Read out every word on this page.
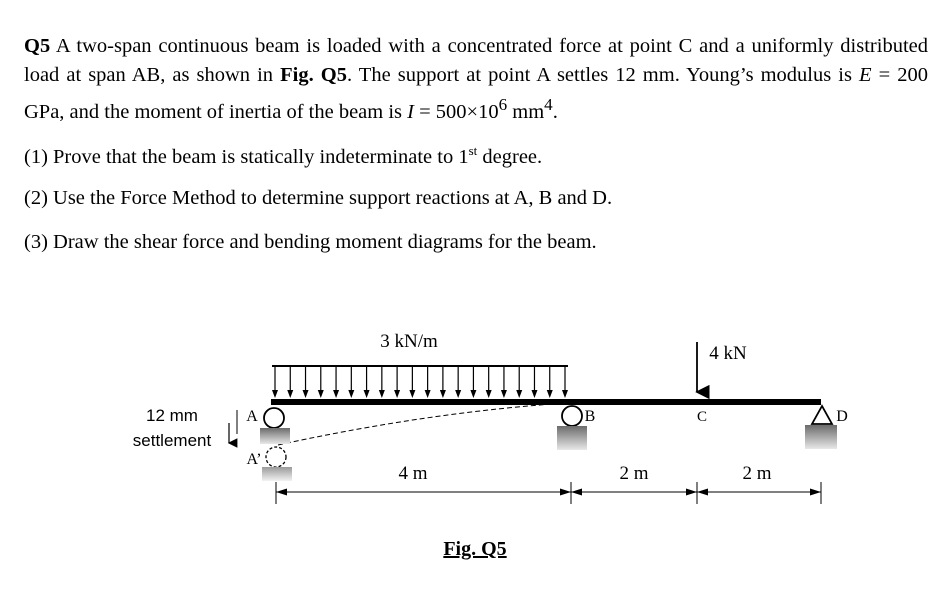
Q5 A two-span continuous beam is loaded with a concentrated force at point C and a uniformly distributed load at span AB, as shown in Fig. Q5. The support at point A settles 12 mm. Young’s modulus is E = 200 GPa, and the moment of inertia of the beam is $I = 500\times 10^6$ $mm^4$.
(1) Prove that the beam is statically indeterminate to 1st degree.
(2) Use the Force Method to determine support reactions at A, B and D.
(3) Draw the shear force and bending moment diagrams for the beam.
3 kN/m
A
A’
12 mm
settlement
B
4 kN
C	D
4 m	2 m	2 m
Fig. Q5
